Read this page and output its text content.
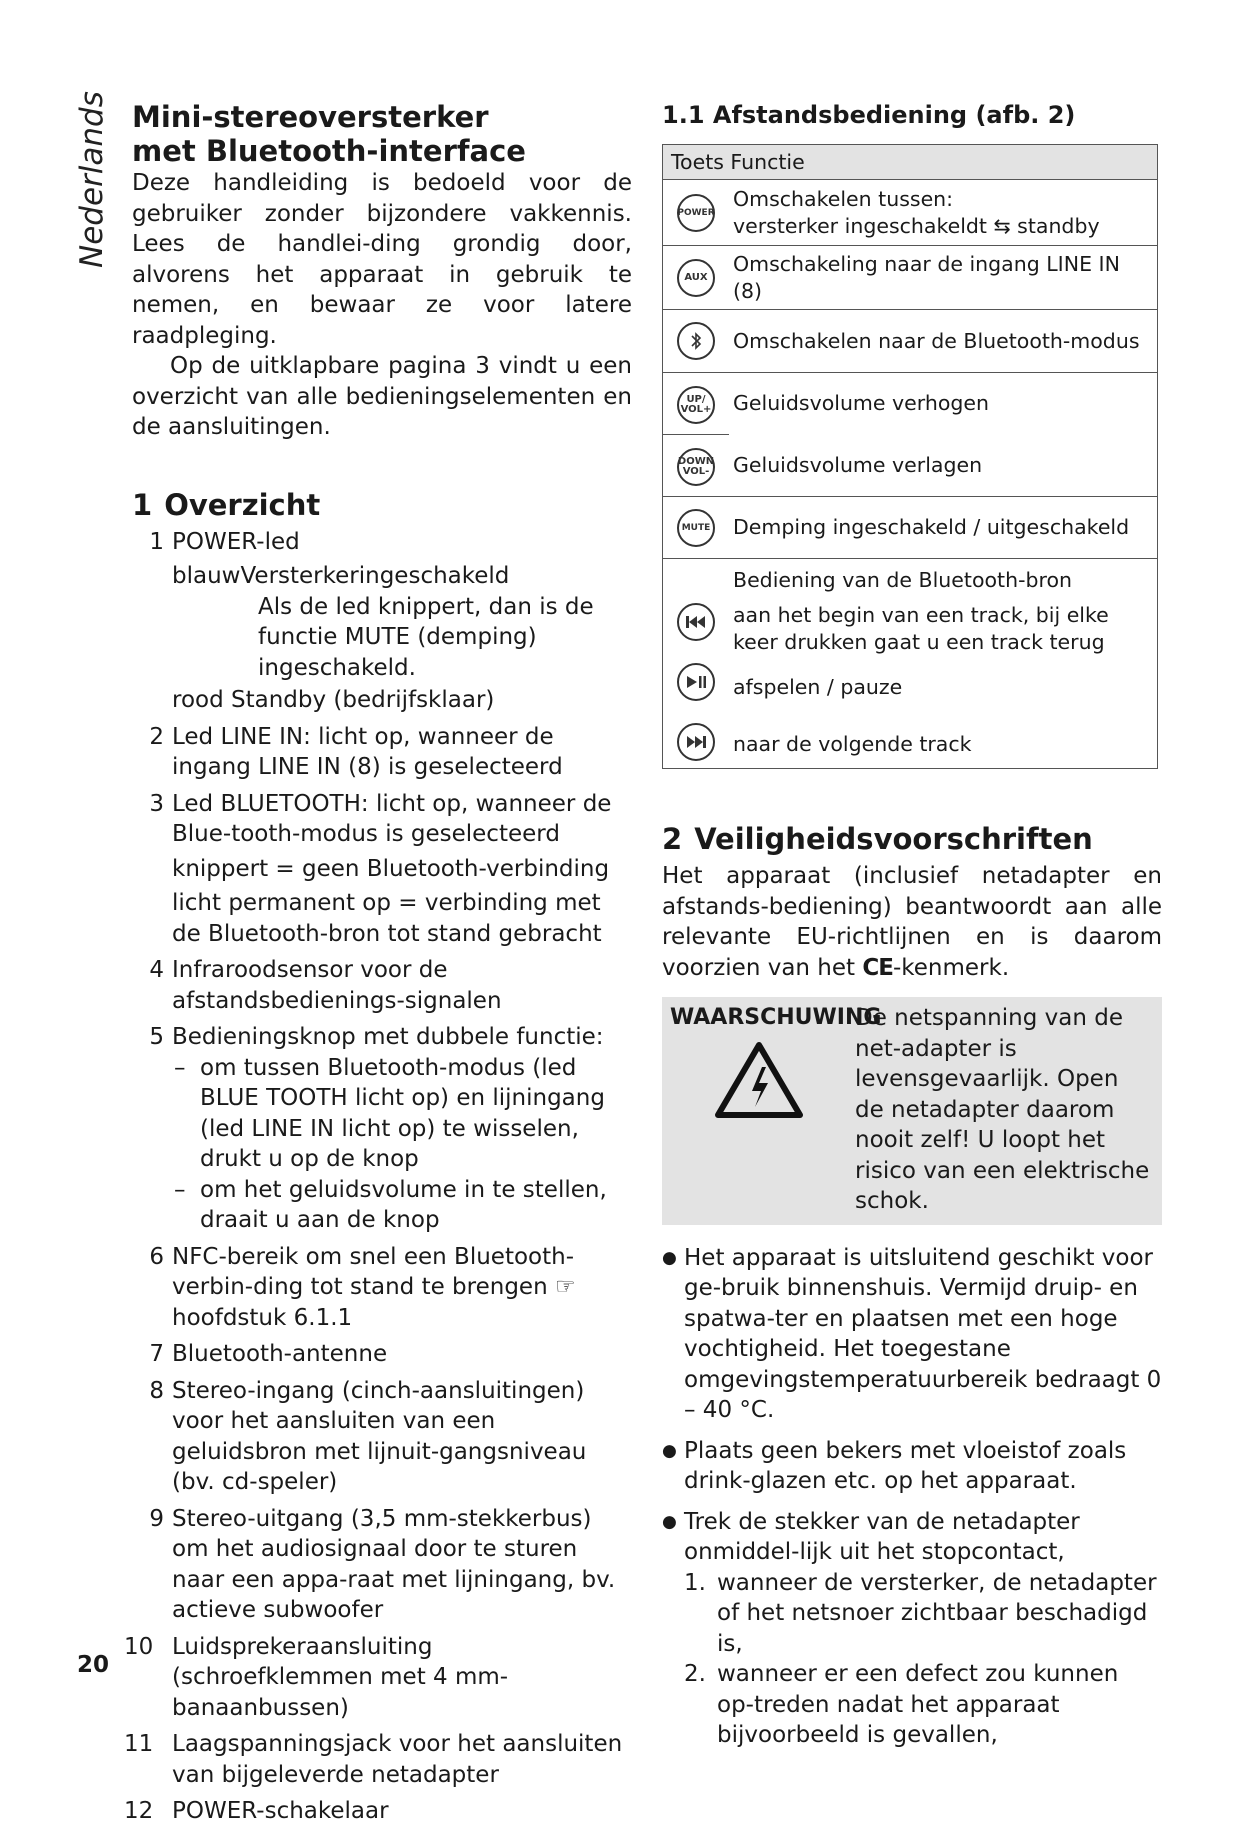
Nederlands
20
Mini-stereoversterker
met Bluetooth-interface

Deze handleiding is bedoeld voor de gebruiker zonder bijzondere vakkennis. Lees de handlei-ding grondig door, alvorens het apparaat in gebruik te nemen, en bewaar ze voor latere raadpleging.

Op de uitklapbare pagina 3 vindt u een overzicht van alle bedieningselementen en de aansluitingen.

1 Overzicht
1 POWER-led
blauwVersterkeringeschakeld
Als de led knippert, dan is de functie MUTE (demping) ingeschakeld.
rood Standby (bedrijfsklaar)
2 Led LINE IN: licht op, wanneer de ingang LINE IN (8) is geselecteerd
3 Led BLUETOOTH: licht op, wanneer de Blue-tooth-modus is geselecteerd
knippert = geen Bluetooth-verbinding
licht permanent op = verbinding met de Bluetooth-bron tot stand gebracht
4 Infraroodsensor voor de afstandsbedienings-signalen
5 Bedieningsknop met dubbele functie:
– om tussen Bluetooth-modus (led BLUE TOOTH licht op) en lijningang (led LINE IN licht op) te wisselen, drukt u op de knop
– om het geluidsvolume in te stellen, draait u aan de knop
6 NFC-bereik om snel een Bluetooth-verbin-ding tot stand te brengen ☞ hoofdstuk 6.1.1
7 Bluetooth-antenne
8 Stereo-ingang (cinch-aansluitingen) voor het aansluiten van een geluidsbron met lijnuit-gangsniveau (bv. cd-speler)
9 Stereo-uitgang (3,5 mm-stekkerbus) om het audiosignaal door te sturen naar een appa-raat met lijningang, bv. actieve subwoofer
10 Luidsprekeraansluiting (schroefklemmen met 4 mm-banaanbussen)
11 Laagspanningsjack voor het aansluiten van bijgeleverde netadapter
12 POWER-schakelaar
1.1 Afstandsbediening (afb. 2)
Toets Functie	
POWER	Omschakelen tussen:
versterker ingeschakeldt ⇆ standby

AUX	Omschakeling naar de ingang LINE IN (8)

	Omschakelen naar de Bluetooth-modus

UP/
VOL+	Geluidsvolume verhogen

DOWN
VOL-	Geluidsvolume verlagen
MUTE	Demping ingeschakeld / uitgeschakeld

Bediening van de Bluetooth-bron
aan het begin van een track, bij elke keer drukken gaat u een track terug
afspelen / pauze
naar de volgende track
2 Veiligheidsvoorschriften

Het apparaat (inclusief netadapter en afstands-bediening) beantwoordt aan alle relevante EU-richtlijnen en is daarom voorzien van het CE-kenmerk.

WAARSCHUWING
De netspanning van de net-adapter is levensgevaarlijk. Open de netadapter daarom nooit zelf! U loopt het risico van een elektrische schok.
● Het apparaat is uitsluitend geschikt voor ge-bruik binnenshuis. Vermijd druip- en spatwa-ter en plaatsen met een hoge vochtigheid. Het toegestane omgevingstemperatuurbereik bedraagt 0 – 40 °C.
● Plaats geen bekers met vloeistof zoals drink-glazen etc. op het apparaat.
● Trek de stekker van de netadapter onmiddel-lijk uit het stopcontact,
1. wanneer de versterker, de netadapter of het netsnoer zichtbaar beschadigd is,
2. wanneer er een defect zou kunnen op-treden nadat het apparaat bijvoorbeeld is gevallen,
